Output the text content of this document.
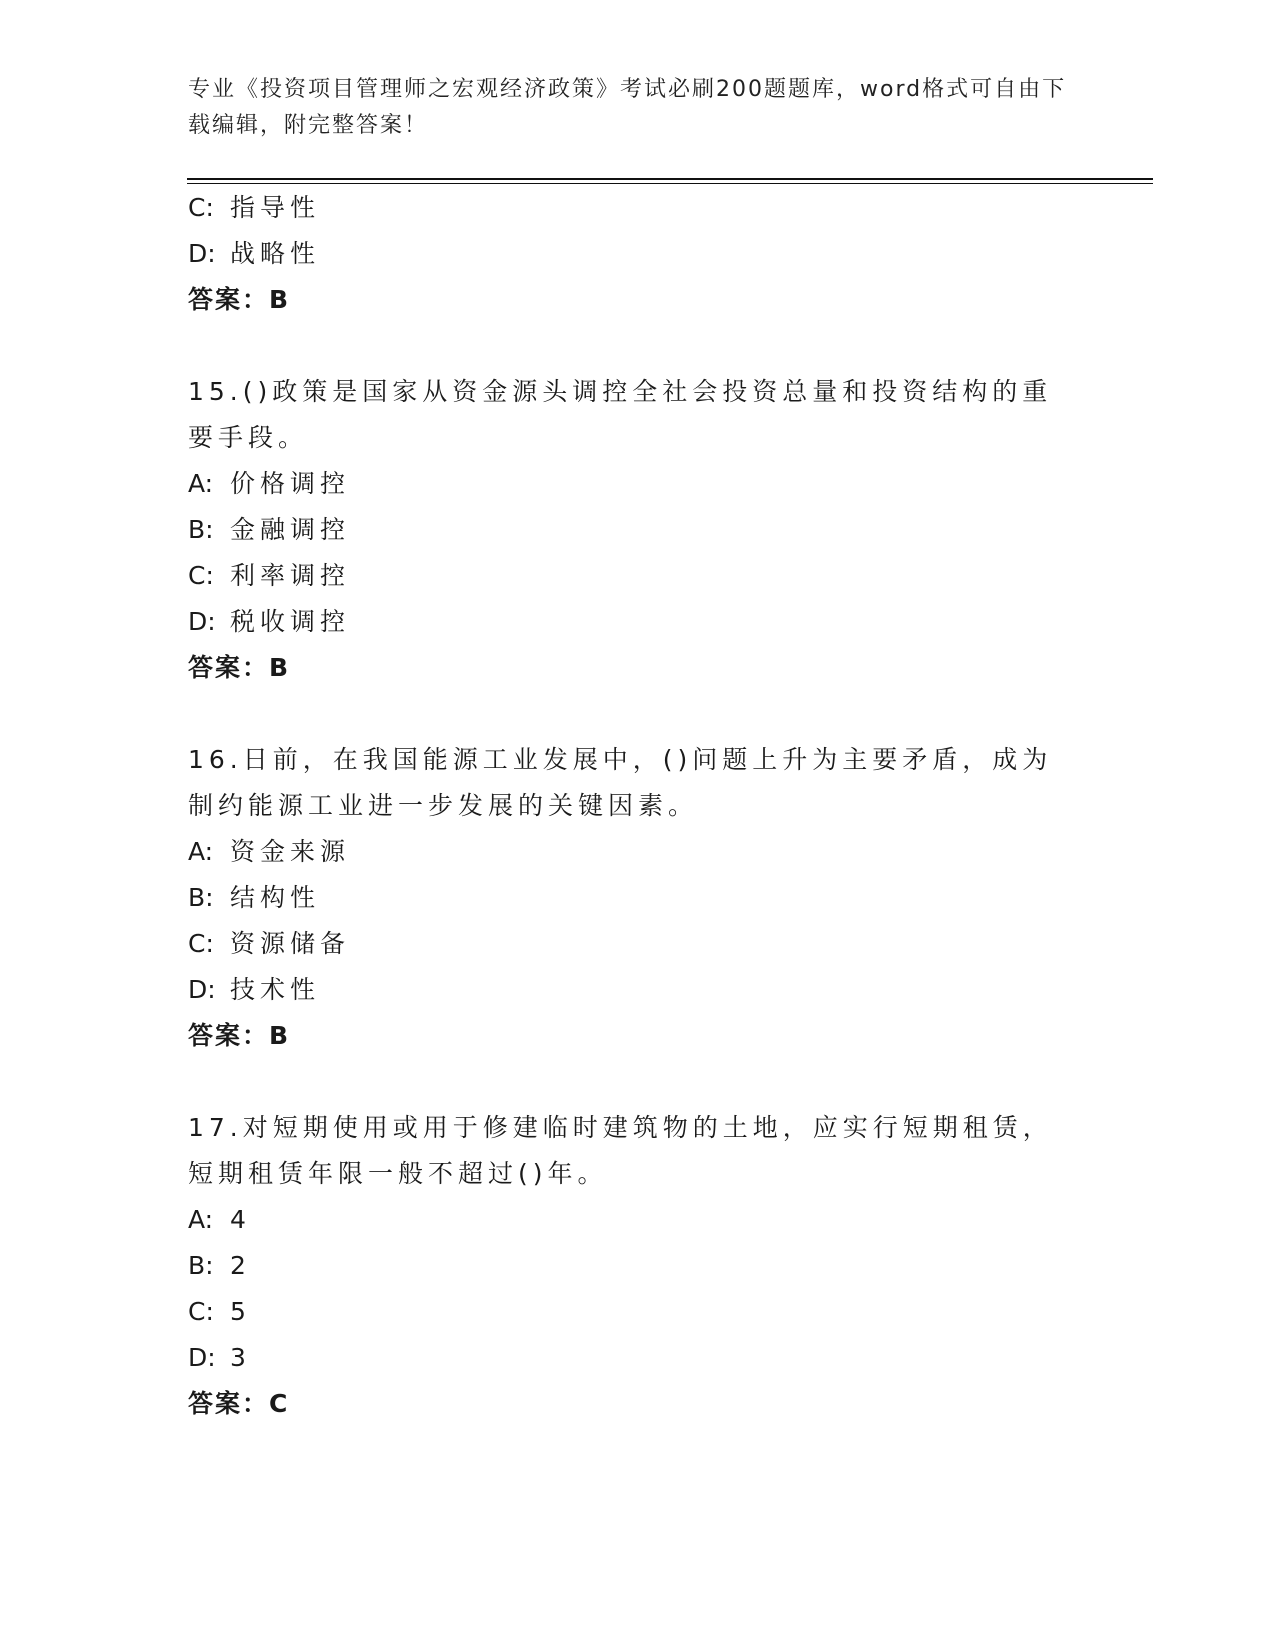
专业《投资项目管理师之宏观经济政策》考试必刷200题题库，word格式可自由下载编辑，附完整答案！
C: 指导性
D: 战略性
答案：B
15.()政策是国家从资金源头调控全社会投资总量和投资结构的重要手段。
A: 价格调控
B: 金融调控
C: 利率调控
D: 税收调控
答案：B
16.日前，在我国能源工业发展中，()问题上升为主要矛盾，成为制约能源工业进一步发展的关键因素。
A: 资金来源
B: 结构性
C: 资源储备
D: 技术性
答案：B
17.对短期使用或用于修建临时建筑物的土地，应实行短期租赁，短期租赁年限一般不超过()年。
A: 4
B: 2
C: 5
D: 3
答案：C
